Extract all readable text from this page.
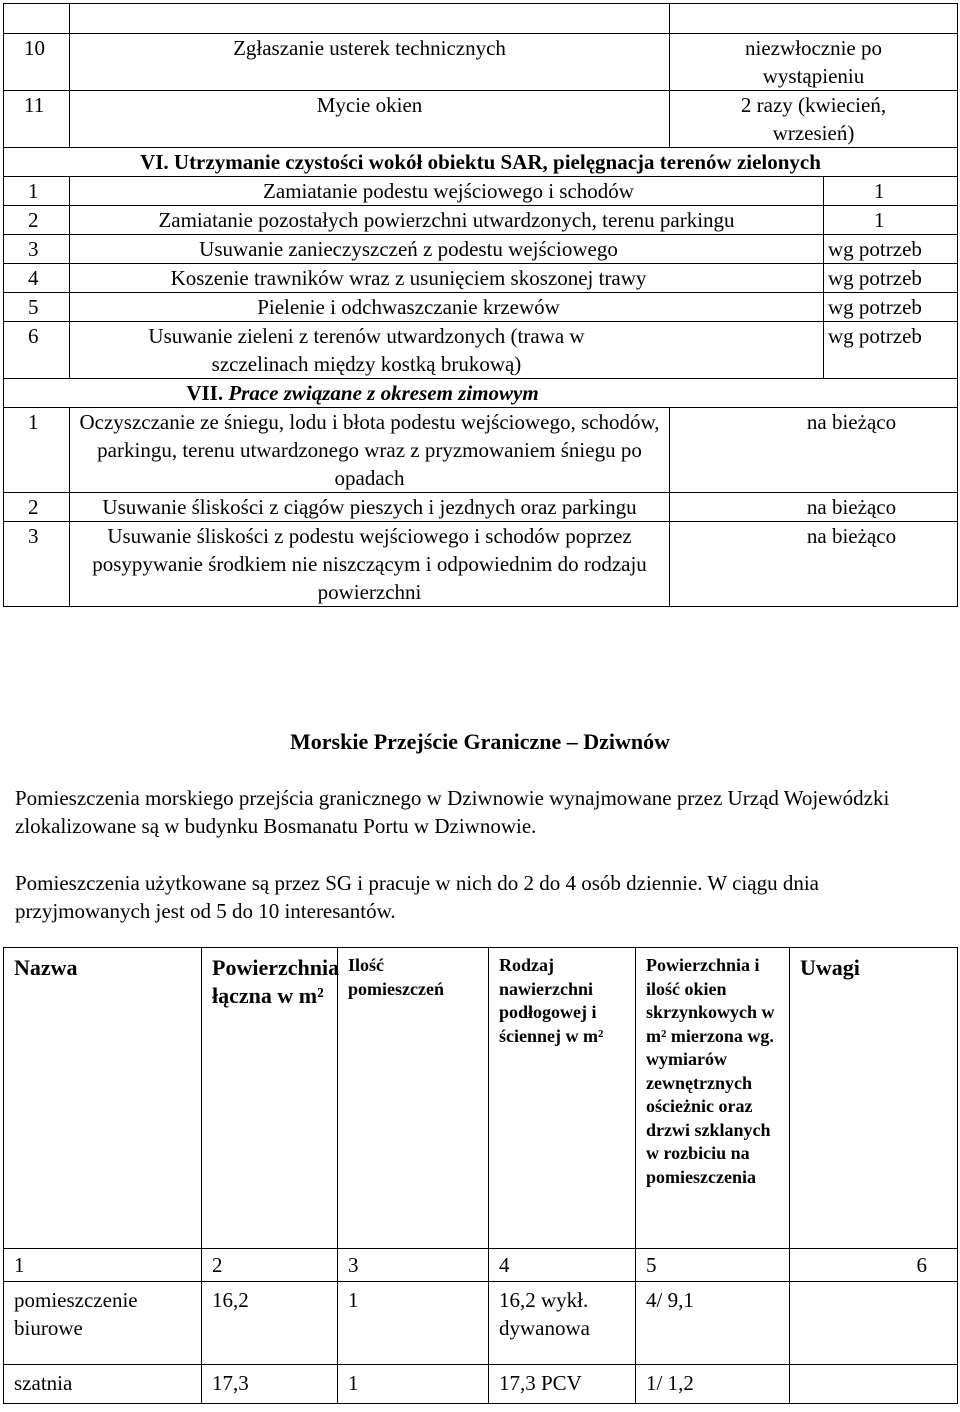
10	Zgłaszanie usterek technicznych	niezwłocznie po wystąpieniu	
11	Mycie okien	2 razy (kwiecień, wrzesień)	
VI. Utrzymanie czystości wokół obiektu SAR, pielęgnacja terenów zielonych			
1	Zamiatanie podestu wejściowego i schodów		1
2	Zamiatanie pozostałych powierzchni utwardzonych, terenu parkingu		1
3	Usuwanie zanieczyszczeń z podestu wejściowego		wg potrzeb
4	Koszenie trawników wraz z usunięciem skoszonej trawy		wg potrzeb
5	Pielenie i odchwaszczanie krzewów		wg potrzeb
6	Usuwanie zieleni z terenów utwardzonych (trawa w szczelinach między kostką brukową)		wg potrzeb
VII. Prace związane z okresem zimowym			
1	Oczyszczanie ze śniegu, lodu i błota podestu wejściowego, schodów, parkingu, terenu utwardzonego wraz z pryzmowaniem śniegu po opadach	na bieżąco	
2	Usuwanie śliskości z ciągów pieszych i jezdnych oraz parkingu	na bieżąco	
3	Usuwanie śliskości z podestu wejściowego i schodów poprzez posypywanie środkiem nie niszczącym i odpowiednim do rodzaju powierzchni	na bieżąco	
Morskie Przejście Graniczne – Dziwnów

Pomieszczenia morskiego przejścia granicznego w Dziwnowie wynajmowane przez Urząd Wojewódzki zlokalizowane są w budynku Bosmanatu Portu w Dziwnowie.

Pomieszczenia użytkowane są przez SG i pracuje w nich do 2 do 4 osób dziennie. W ciągu dnia przyjmowanych jest od 5 do 10 interesantów.

Nazwa	Powierzchnia łączna w m²	Ilość pomieszczeń	Rodzaj nawierzchni podłogowej i ściennej w m²	Powierzchnia i ilość okien skrzynkowych w m² mierzona wg. wymiarów zewnętrznych ościeżnic oraz drzwi szklanych w rozbiciu na pomieszczenia	Uwagi
1	2	3	4	5	6
pomieszczenie biurowe	16,2	1	16,2 wykł. dywanowa	4/ 9,1	
szatnia	17,3	1	17,3 PCV	1/ 1,2	
